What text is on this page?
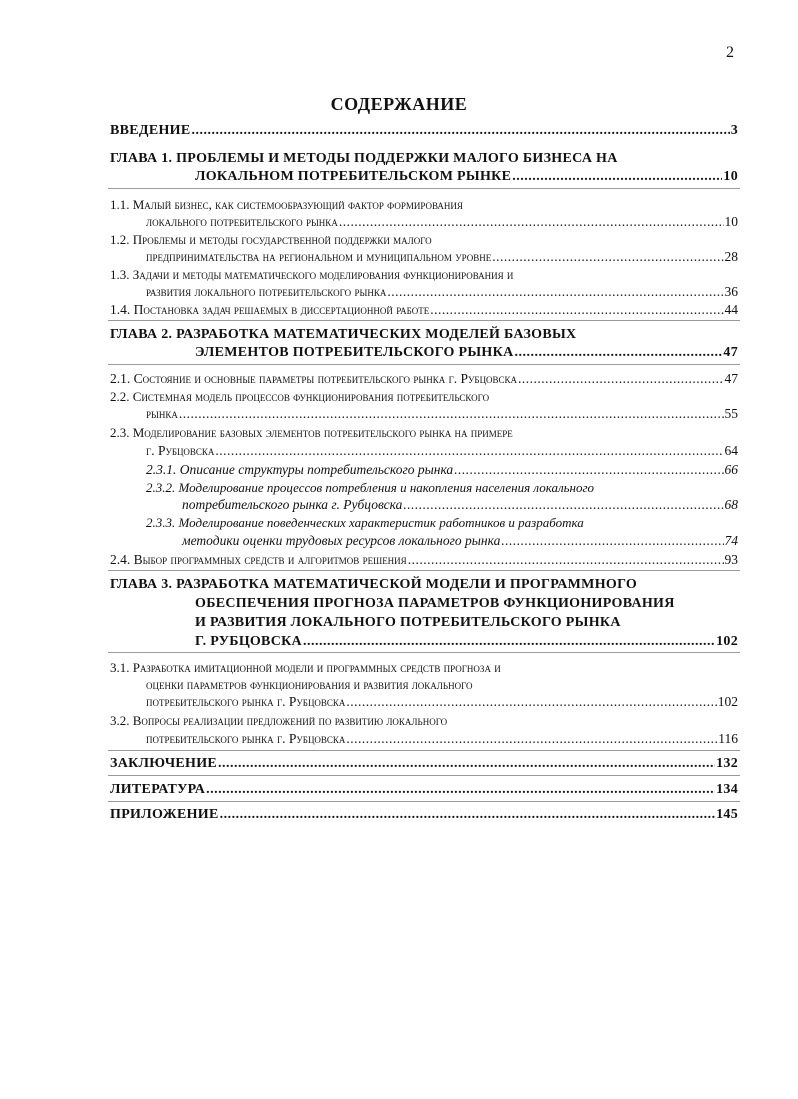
2
СОДЕРЖАНИЕ
ВВЕДЕНИЕ .....	3
ГЛАВА 1. ПРОБЛЕМЫ И МЕТОДЫ ПОДДЕРЖКИ МАЛОГО БИЗНЕСА НА
ЛОКАЛЬНОМ ПОТРЕБИТЕЛЬСКОМ РЫНКЕ .....	10
1.1. Малый бизнес, как системообразующий фактор формирования
локального потребительского рынка .....	10
1.2. Проблемы и методы государственной поддержки малого
предпринимательства на региональном и муниципальном уровне .....	28
1.3. Задачи и методы математического моделирования функционирования и
развития локального потребительского рынка .....	36
1.4. Постановка задач решаемых в диссертационной работе .....	44
ГЛАВА 2. РАЗРАБОТКА МАТЕМАТИЧЕСКИХ МОДЕЛЕЙ БАЗОВЫХ
ЭЛЕМЕНТОВ ПОТРЕБИТЕЛЬСКОГО РЫНКА .....	47
2.1. Состояние и основные параметры потребительского рынка г. Рубцовска .....	47
2.2. Системная модель процессов функционирования потребительского
рынка .....	55
2.3. Моделирование базовых элементов потребительского рынка на примере
г. Рубцовска .....	64
2.3.1. Описание структуры потребительского рынка .....	66
2.3.2. Моделирование процессов потребления и накопления населения локального
потребительского рынка г. Рубцовска .....	68
2.3.3. Моделирование поведенческих характеристик работников и разработка
методики оценки трудовых ресурсов локального рынка .....	74
2.4. Выбор программных средств и алгоритмов решения .....	93
ГЛАВА 3. РАЗРАБОТКА МАТЕМАТИЧЕСКОЙ МОДЕЛИ И ПРОГРАММНОГО
ОБЕСПЕЧЕНИЯ ПРОГНОЗА ПАРАМЕТРОВ ФУНКЦИОНИРОВАНИЯ
И РАЗВИТИЯ ЛОКАЛЬНОГО ПОТРЕБИТЕЛЬСКОГО РЫНКА
Г. РУБЦОВСКА .....	102
3.1. Разработка имитационной модели и программных средств прогноза и
оценки параметров функционирования и развития локального
потребительского рынка г. Рубцовска .....	102
3.2. Вопросы реализации предложений по развитию локального
потребительского рынка г. Рубцовска .....	116
ЗАКЛЮЧЕНИЕ .....	132
ЛИТЕРАТУРА .....	134
ПРИЛОЖЕНИЕ .....	145
